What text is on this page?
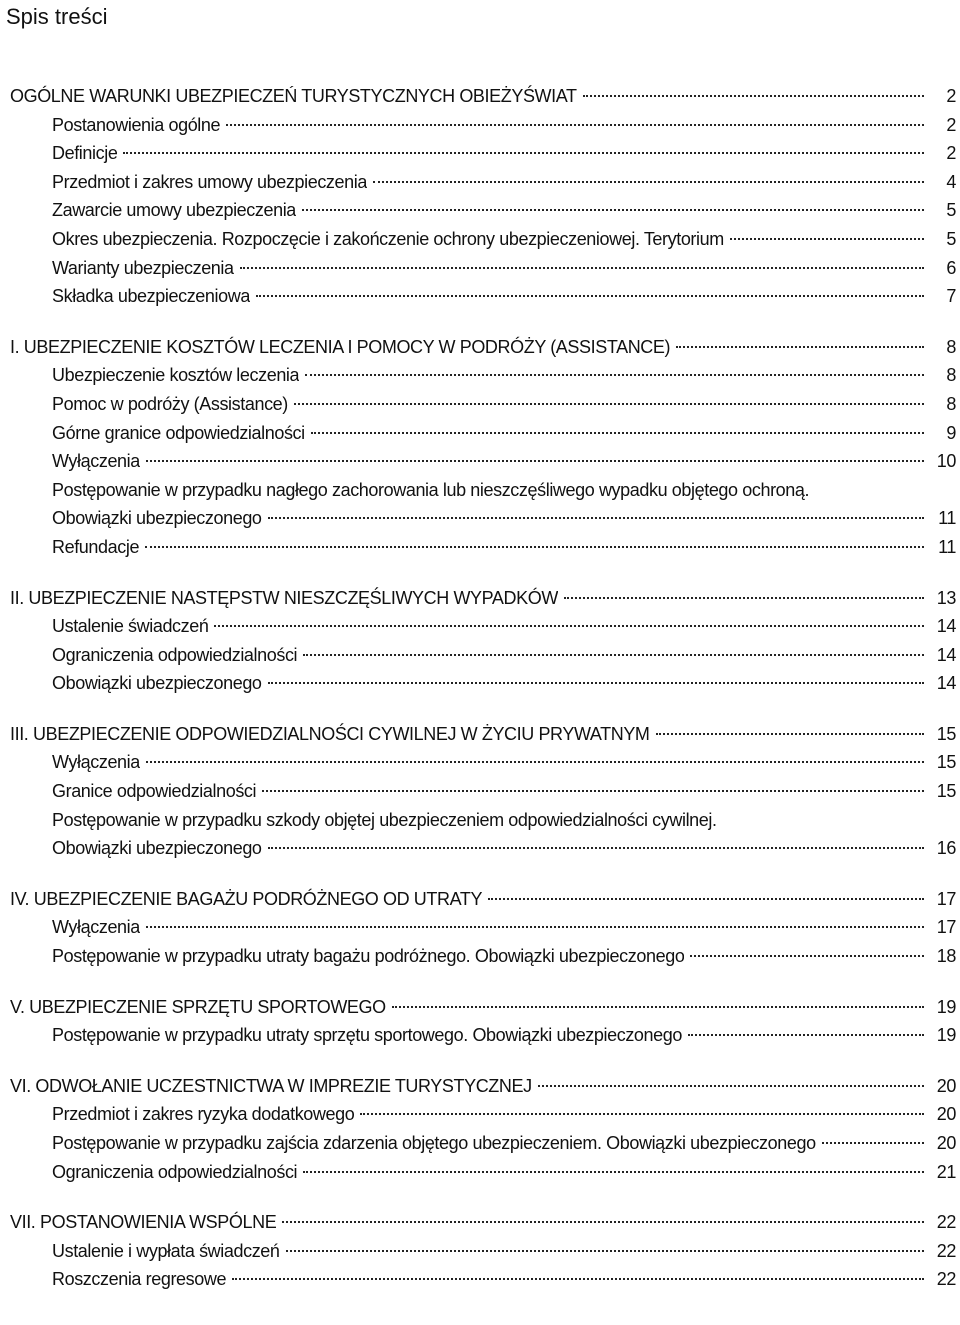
Spis treści
OGÓLNE WARUNKI UBEZPIECZEŃ TURYSTYCZNYCH OBIEŻYŚWIAT	2
Postanowienia ogólne	2
Definicje	2
Przedmiot i zakres umowy ubezpieczenia	4
Zawarcie umowy ubezpieczenia	5
Okres ubezpieczenia. Rozpoczęcie i zakończenie ochrony ubezpieczeniowej. Terytorium	5
Warianty ubezpieczenia	6
Składka ubezpieczeniowa	7
I. UBEZPIECZENIE KOSZTÓW LECZENIA I POMOCY W PODRÓŻY (ASSISTANCE)	8
Ubezpieczenie kosztów leczenia	8
Pomoc w podróży (Assistance)	8
Górne granice odpowiedzialności	9
Wyłączenia	10
Postępowanie w przypadku nagłego zachorowania lub nieszczęśliwego wypadku objętego ochroną.
Obowiązki ubezpieczonego	11
Refundacje	11
II. UBEZPIECZENIE NASTĘPSTW NIESZCZĘŚLIWYCH WYPADKÓW	13
Ustalenie świadczeń	14
Ograniczenia odpowiedzialności	14
Obowiązki ubezpieczonego	14
III. UBEZPIECZENIE ODPOWIEDZIALNOŚCI CYWILNEJ W ŻYCIU PRYWATNYM	15
Wyłączenia	15
Granice odpowiedzialności	15
Postępowanie w przypadku szkody objętej ubezpieczeniem odpowiedzialności cywilnej.
Obowiązki ubezpieczonego	16
IV. UBEZPIECZENIE BAGAŻU PODRÓŻNEGO OD UTRATY	17
Wyłączenia	17
Postępowanie w przypadku utraty bagażu podróżnego. Obowiązki ubezpieczonego	18
V. UBEZPIECZENIE SPRZĘTU SPORTOWEGO	19
Postępowanie w przypadku utraty sprzętu sportowego. Obowiązki ubezpieczonego	19
VI. ODWOŁANIE UCZESTNICTWA W IMPREZIE TURYSTYCZNEJ	20
Przedmiot i zakres ryzyka dodatkowego	20
Postępowanie w przypadku zajścia zdarzenia objętego ubezpieczeniem. Obowiązki ubezpieczonego	20
Ograniczenia odpowiedzialności	21
VII. POSTANOWIENIA WSPÓLNE	22
Ustalenie i wypłata świadczeń	22
Roszczenia regresowe	22
